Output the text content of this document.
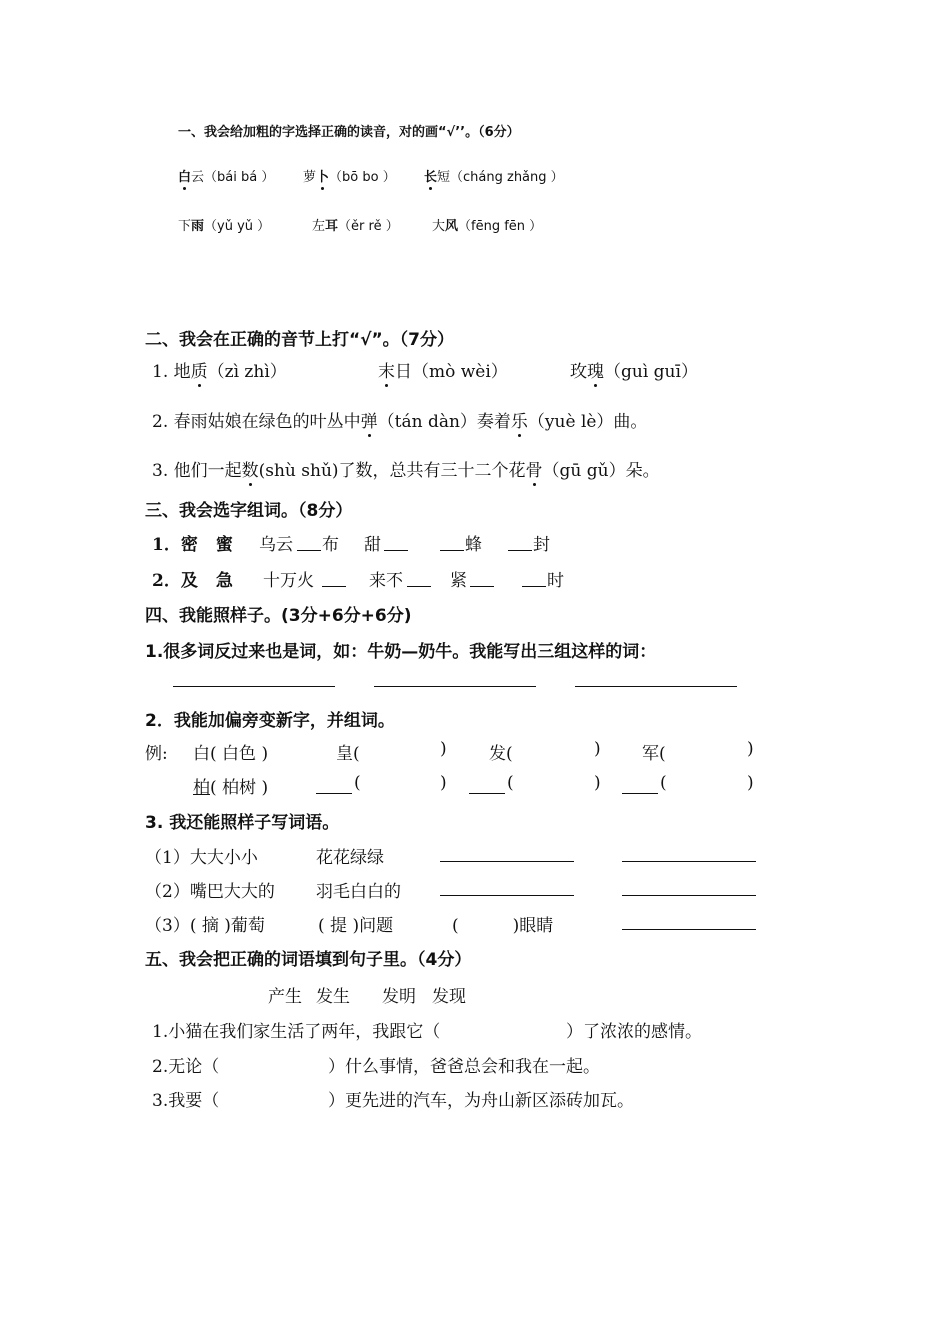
一、我会给加粗的字选择正确的读音，对的画“√’’。（6分）
白云（bái bá ） 萝卜（bō bo ） 长短（cháng zhǎng ）
下雨（yǔ yǔ ）	左耳（ěr rě ）	大风（fēng fēn ）
二、我会在正确的音节上打“√”。（7分）
1. 地质（zì zhì）	末日（mò wèi）	玫瑰（guì guī）
2. 春雨姑娘在绿色的叶丛中弹（tán dàn）奏着乐（yuè lè）曲。
3. 他们一起数(shù shǔ)了数，总共有三十二个花骨（gū gǔ）朵。
三、我会选字组词。（8分）
1．密 蜜 乌云 布 甜	蜂	封
2．及 急 十万火	来不	紧	时
四、我能照样子。(3分+6分+6分)
1.很多词反过来也是词，如：牛奶—奶牛。我能写出三组这样的词：
2．我能加偏旁变新字，并组词。
例: 白( 白色 )	皇(	) 发(	) 军(	)
柏( 柏树 )	(	)	(	)	(	)
3. 我还能照样子写词语。
（1）大大小小	花花绿绿
（2）嘴巴大大的 羽毛白白的
（3）( 摘 )葡萄	( 提 )问题	(	)眼睛
五、我会把正确的词语填到句子里。（4分）
产生 发生 发明 发现
1.小猫在我们家生活了两年，我跟它（	）了浓浓的感情。
2.无论（	）什么事情，爸爸总会和我在一起。
3.我要（	）更先进的汽车，为舟山新区添砖加瓦。
